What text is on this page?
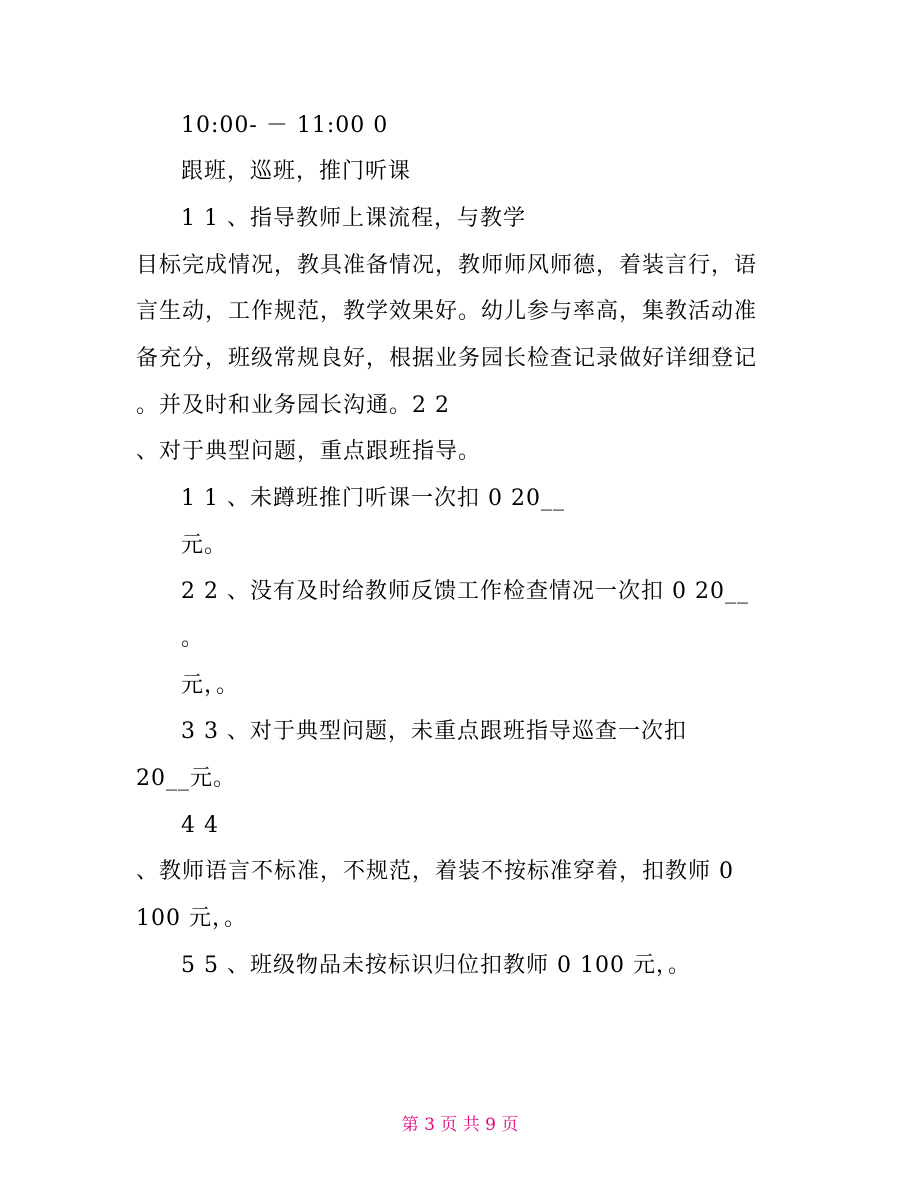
10:00- － 11:00 0
跟班，巡班，推门听课
1 1 、指导教师上课流程，与教学
目标完成情况，教具准备情况，教师师风师德，着装言行，语
言生动，工作规范，教学效果好。幼儿参与率高，集教活动准
备充分，班级常规良好，根据业务园长检查记录做好详细登记
。并及时和业务园长沟通。2 2
、对于典型问题，重点跟班指导。
1 1 、未蹲班推门听课一次扣 0 20__
元。
2 2 、没有及时给教师反馈工作检查情况一次扣 0 20__
。
元，。
3 3 、对于典型问题，未重点跟班指导巡查一次扣
20__元。
4 4
、教师语言不标准，不规范，着装不按标准穿着，扣教师 0
100 元，。
5 5 、班级物品未按标识归位扣教师 0 100 元，。
第 3 页 共 9 页
